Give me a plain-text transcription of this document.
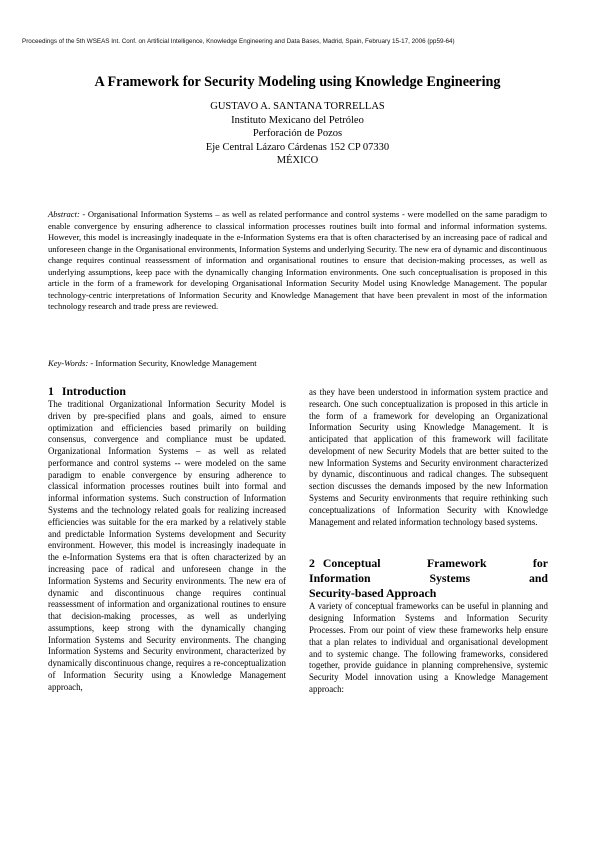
Proceedings of the 5th WSEAS Int. Conf. on Artificial Intelligence, Knowledge Engineering and Data Bases, Madrid, Spain, February 15-17, 2006 (pp59-64)
A Framework for Security Modeling using Knowledge Engineering
GUSTAVO A. SANTANA TORRELLAS
Instituto Mexicano del Petróleo
Perforación de Pozos
Eje Central Lázaro Cárdenas 152 CP 07330
MÉXICO
Abstract: - Organisational Information Systems – as well as related performance and control systems - were modelled on the same paradigm to enable convergence by ensuring adherence to classical information processes routines built into formal and informal information systems. However, this model is increasingly inadequate in the e-Information Systems era that is often characterised by an increasing pace of radical and unforeseen change in the Organisational environments, Information Systems and underlying Security. The new era of dynamic and discontinuous change requires continual reassessment of information and organisational routines to ensure that decision-making processes, as well as underlying assumptions, keep pace with the dynamically changing Information environments. One such conceptualisation is proposed in this article in the form of a framework for developing Organisational Information Security Model using Knowledge Management. The popular technology-centric interpretations of Information Security and Knowledge Management that have been prevalent in most of the information technology research and trade press are reviewed.
Key-Words: - Information Security, Knowledge Management
1 Introduction

The traditional Organizational Information Security Model is driven by pre-specified plans and goals, aimed to ensure optimization and efficiencies based primarily on building consensus, convergence and compliance must be updated. Organizational Information Systems – as well as related performance and control systems -- were modeled on the same paradigm to enable convergence by ensuring adherence to classical information processes routines built into formal and informal information systems. Such construction of Information Systems and the technology related goals for realizing increased efficiencies was suitable for the era marked by a relatively stable and predictable Information Systems development and Security environment. However, this model is increasingly inadequate in the e-Information Systems era that is often characterized by an increasing pace of radical and unforeseen change in the Information Systems and Security environments. The new era of dynamic and discontinuous change requires continual reassessment of information and organizational routines to ensure that decision-making processes, as well as underlying assumptions, keep strong with the dynamically changing Information Systems and Security environments. The changing Information Systems and Security environment, characterized by dynamically discontinuous change, requires a re-conceptualization of Information Security using a Knowledge Management approach,

as they have been understood in information system practice and research. One such conceptualization is proposed in this article in the form of a framework for developing an Organizational Information Security using Knowledge Management. It is anticipated that application of this framework will facilitate development of new Security Models that are better suited to the new Information Systems and Security environment characterized by dynamic, discontinuous and radical changes. The subsequent section discusses the demands imposed by the new Information Systems and Security environments that require rethinking such conceptualizations of Information Security with Knowledge Management and related information technology based systems.

2 Conceptual Framework for
Information Systems and
Security-based Approach

A variety of conceptual frameworks can be useful in planning and designing Information Systems and Information Security Processes. From our point of view these frameworks help ensure that a plan relates to individual and organisational development and to systemic change. The following frameworks, considered together, provide guidance in planning comprehensive, systemic Security Model innovation using a Knowledge Management approach:
